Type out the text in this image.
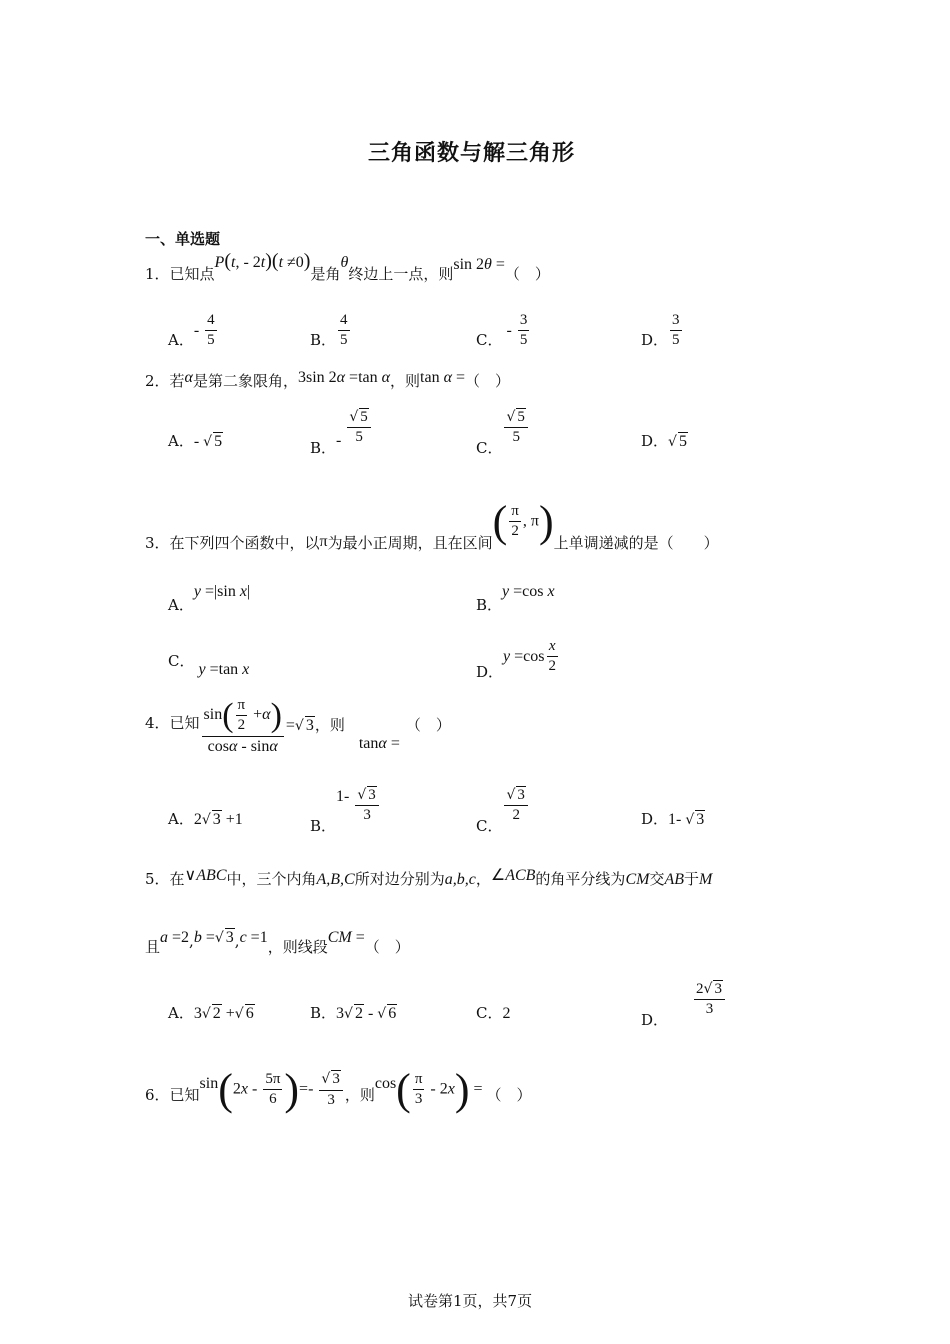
三角函数与解三角形
一、单选题
1．已知点P(t, - 2t)(t ≠0)是角θ终边上一点，则sin 2θ =（　）
A．- $\frac{4}{5}$	B． $\frac{4}{5}$	C． - $\frac{3}{5}$	D． $\frac{3}{5}$
2．若α是第二象限角，3sin 2α =tan α，则tan α =（　）
A．- √ 5	B．- $\frac{√ 5}{5}$
C．
$\frac{√ 5}{5}$	D．√ 5
3．在下列四个函数中，以π为最小正周期，且在区间( $\frac{\pi}{2}$ , π)上单调递减的是（　　）
A．y =|sin x|
B．y =cos x
C． y =tan x	D．$y =\cos \frac{x}{2}$
4．已知 $\frac{\sin( \frac{\pi}{2} +\alpha)}{\cos\alpha - \sin\alpha}$ =√ 3，则tanα =（　）
A．2√ 3 +1	B．$1- \frac{√ 3}{3}$
C．
$\frac{√ 3}{2}$	D．1- √ 3
5．在∨ABC中，三个内角A,B,C所对边分别为a,b,c，∠ACB的角平分线为CM交AB于M
且a =2,b =√ 3,c =1，则线段CM =（　）
A．3√ 2 +√ 6	B．3√ 2 - √ 6	C．2	D．
$\frac{2√ 3}{3}$
6．已知$\sin(2x - \frac{5\pi}{6}$ )=- $\frac{√ 3}{3}$ ，则$\cos( \frac{\pi}{3} - 2x)$ = （　）
试卷第1页，共7页
